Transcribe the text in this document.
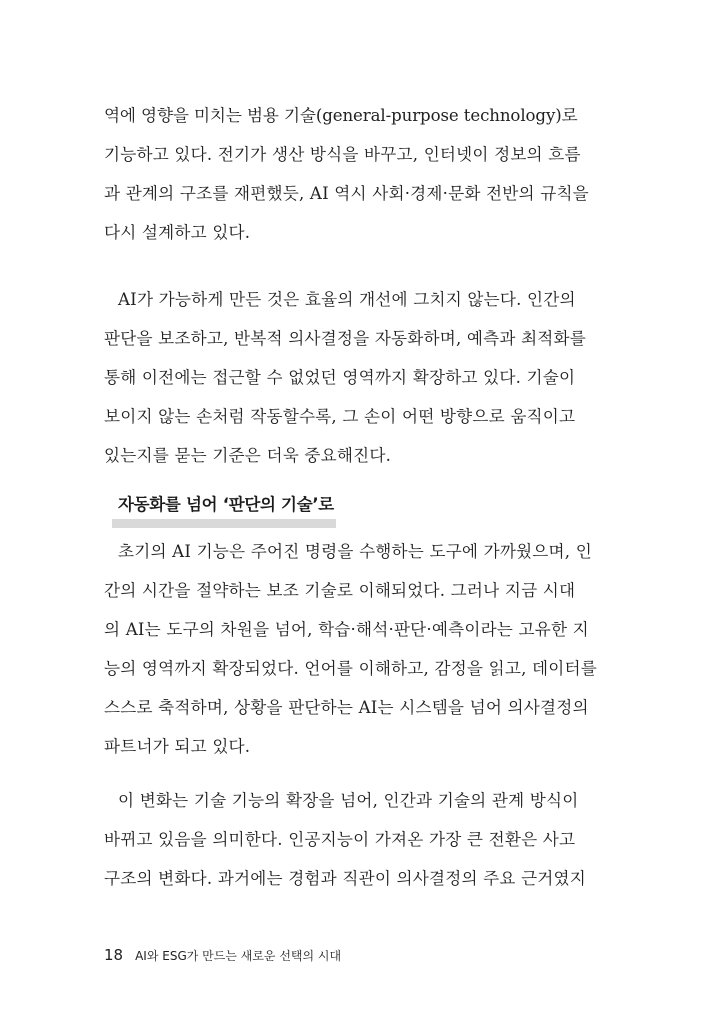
역에 영향을 미치는 범용 기술(general-purpose technology)로
기능하고 있다. 전기가 생산 방식을 바꾸고, 인터넷이 정보의 흐름
과 관계의 구조를 재편했듯, AI 역시 사회·경제·문화 전반의 규칙을
다시 설계하고 있다.
AI가 가능하게 만든 것은 효율의 개선에 그치지 않는다. 인간의
판단을 보조하고, 반복적 의사결정을 자동화하며, 예측과 최적화를
통해 이전에는 접근할 수 없었던 영역까지 확장하고 있다. 기술이
보이지 않는 손처럼 작동할수록, 그 손이 어떤 방향으로 움직이고
있는지를 묻는 기준은 더욱 중요해진다.
자동화를 넘어 ‘판단의 기술’로
초기의 AI 기능은 주어진 명령을 수행하는 도구에 가까웠으며, 인
간의 시간을 절약하는 보조 기술로 이해되었다. 그러나 지금 시대
의 AI는 도구의 차원을 넘어, 학습·해석·판단·예측이라는 고유한 지
능의 영역까지 확장되었다. 언어를 이해하고, 감정을 읽고, 데이터를
스스로 축적하며, 상황을 판단하는 AI는 시스템을 넘어 의사결정의
파트너가 되고 있다.
이 변화는 기술 기능의 확장을 넘어, 인간과 기술의 관계 방식이
바뀌고 있음을 의미한다. 인공지능이 가져온 가장 큰 전환은 사고
구조의 변화다. 과거에는 경험과 직관이 의사결정의 주요 근거였지
18 AI와 ESG가 만드는 새로운 선택의 시대
